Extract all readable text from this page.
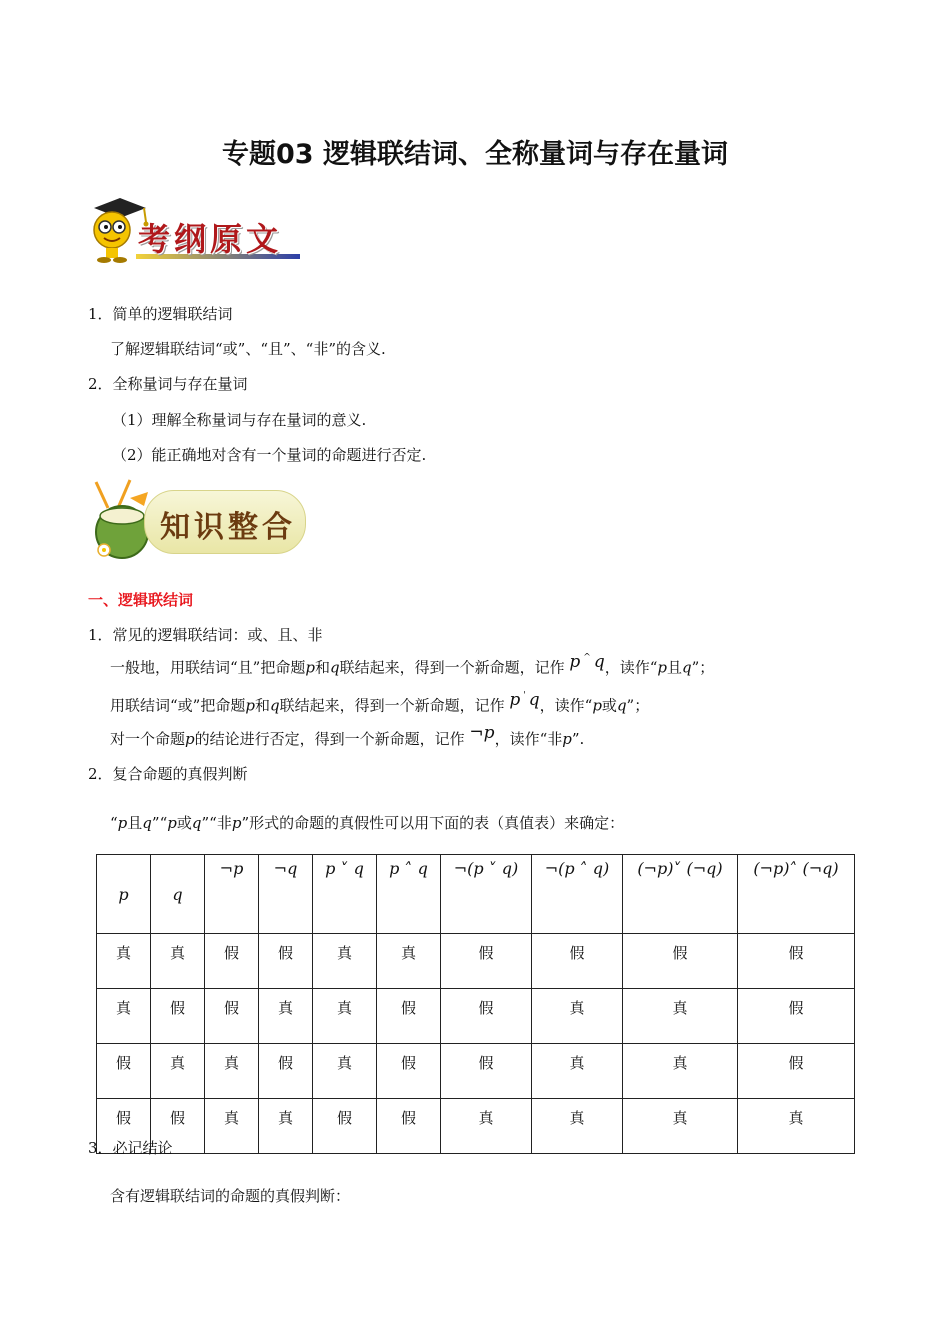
专题03 逻辑联结词、全称量词与存在量词
考纲原文
1．简单的逻辑联结词
了解逻辑联结词“或”、“且”、“非”的含义.
2．全称量词与存在量词
（1）理解全称量词与存在量词的意义.
（2）能正确地对含有一个量词的命题进行否定.
知识整合
一、逻辑联结词
1．常见的逻辑联结词：或、且、非
一般地，用联结词“且”把命题p和q联结起来，得到一个新命题，记作 p ^ q，读作“p且q”；
用联结词“或”把命题p和q联结起来，得到一个新命题，记作 p ' q，读作“p或q”；
对一个命题p的结论进行否定，得到一个新命题，记作 ¬p，读作“非p”.
2．复合命题的真假判断
“p且q”“p或q”“非p”形式的命题的真假性可以用下面的表（真值表）来确定：
p	q	¬p	¬q	p ˅ q	p ˄ q	¬(p ˅ q)	¬(p ˄ q)	(¬p)˅ (¬q)	(¬p)˄ (¬q)
真	真	假	假	真	真	假	假	假	假
真	假	假	真	真	假	假	真	真	假
假	真	真	假	真	假	假	真	真	假
假	假	真	真	假	假	真	真	真	真
3．必记结论
含有逻辑联结词的命题的真假判断：
